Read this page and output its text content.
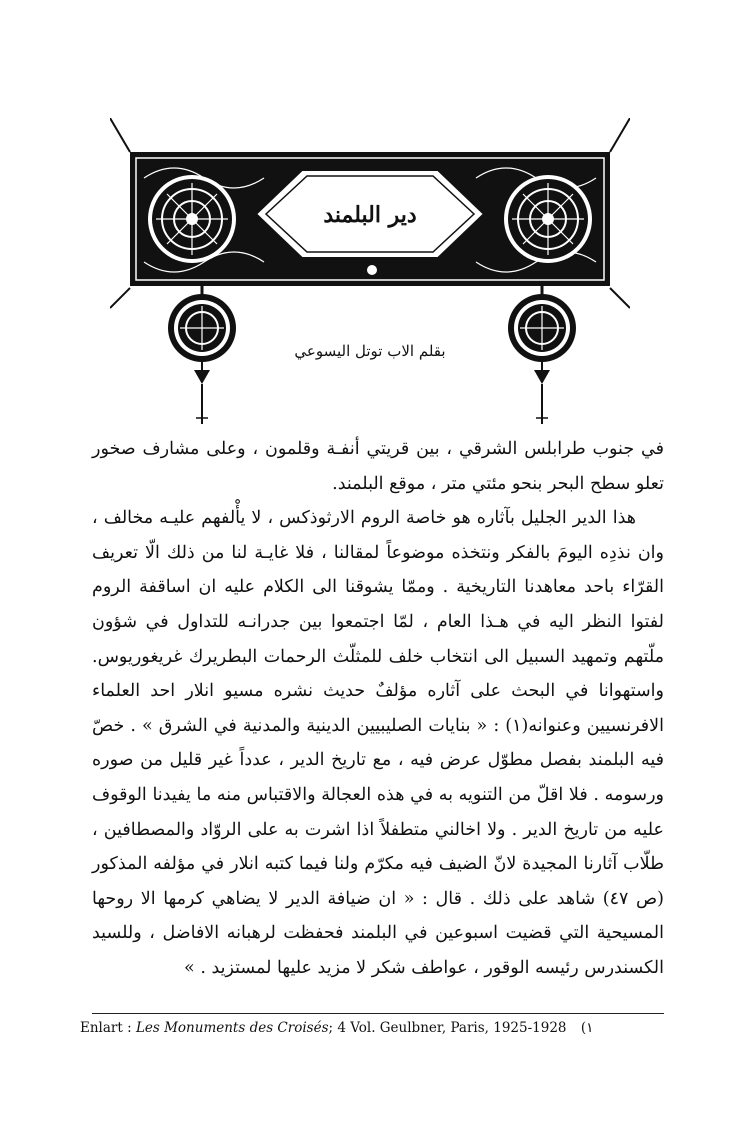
دير البلمند
بقلم الاب توتل اليسوعي

في جنوب طرابلس الشرقي ، بين قريتي أنفـة وقلمون ، وعلى مشارف صخور تعلو سطح البحر بنحو مئتي متر ، موقع البلمند.

هذا الدير الجليل بآثاره هو خاصة الروم الارثوذكس ، لا يأْلفهم عليـه مخالف ، وان نذدِه اليومَ بالفكر ونتخذه موضوعاً لمقالنا ، فلا غايـة لنا من ذلك الّا تعريف القرّاء باحد معاهدنا التاريخية . وممّا يشوقنا الى الكلام عليه ان اساقفة الروم لفتوا النظر اليه في هـذا العام ، لمّا اجتمعوا بين جدرانـه للتداول في شؤون ملّتهم وتمهيد السبيل الى انتخاب خلف للمثلّث الرحمات البطريرك غريغوريوس. واستهوانا في البحث على آثاره مؤلفٌ حديث نشره مسيو انلار احد العلماء الافرنسيين وعنوانه(١) : « بنايات الصليبيين الدينية والمدنية في الشرق » . خصّ فيه البلمند بفصل مطوّل عرض فيه ، مع تاريخ الدير ، عدداً غير قليل من صوره ورسومه . فلا اقلّ من التنويه به في هذه العجالة والاقتباس منه ما يفيدنا الوقوف عليه من تاريخ الدير . ولا اخالني متطفلاً اذا اشرت به على الروّاد والمصطافين ، طلّاب آثارنا المجيدة لانّ الضيف فيه مكرّم ولنا فيما كتبه انلار في مؤلفه المذكور (ص ٤٧) شاهد على ذلك . قال : « ان ضيافة الدير لا يضاهي كرمها الا روحها المسيحية التي قضيت اسبوعين في البلمند فحفظت لرهبانه الافاضل ، وللسيد الكسندرس رئيسه الوقور ، عواطف شكر لا مزيد عليها لمستزيد . »

Enlart : Les Monuments des Croisés; 4 Vol. Geulbner, Paris, 1925-1928 (١
